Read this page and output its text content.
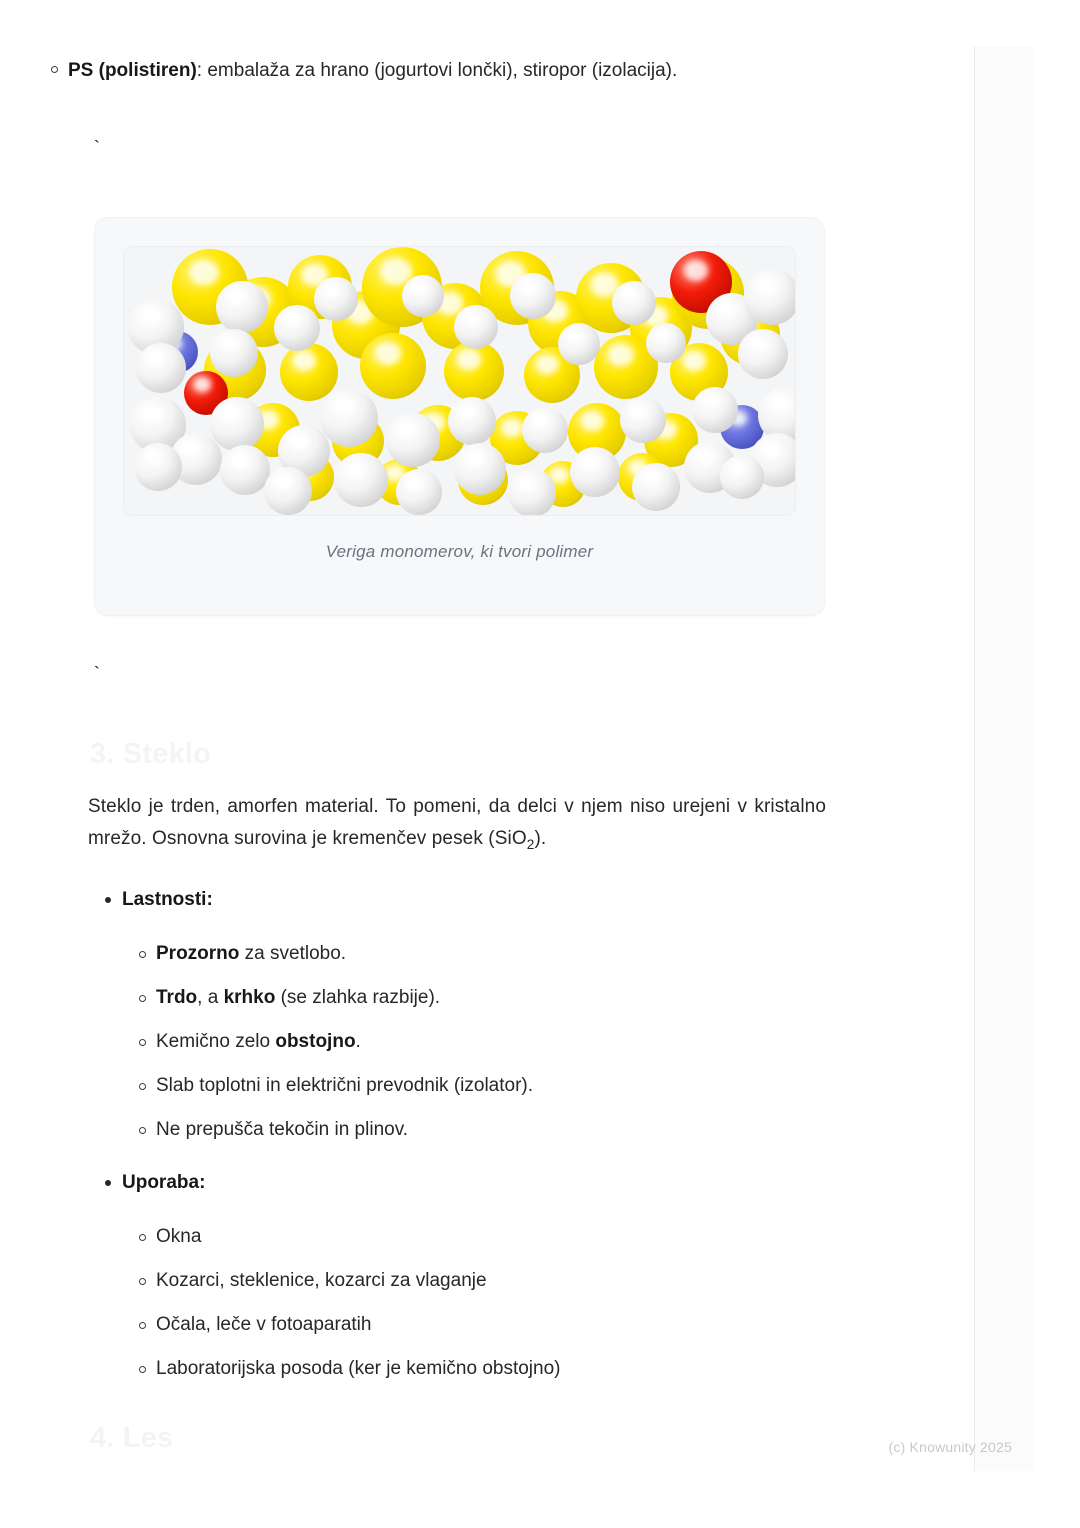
PS (polistiren): embalaža za hrano (jogurtovi lončki), stiropor (izolacija).
`
Veriga monomerov, ki tvori polimer
`
3. Steklo

Steklo je trden, amorfen material. To pomeni, da delci v njem niso urejeni v kristalno mrežo. Osnovna surovina je kremenčev pesek (SiO$_2$).

Lastnosti:
Prozorno za svetlobo.
Trdo, a krhko (se zlahka razbije).
Kemično zelo obstojno.
Slab toplotni in električni prevodnik (izolator).
Ne prepušča tekočin in plinov.
Uporaba:
Okna
Kozarci, steklenice, kozarci za vlaganje
Očala, leče v fotoaparatih
Laboratorijska posoda (ker je kemično obstojno)
4. Les	(c) Knowunity 2025
